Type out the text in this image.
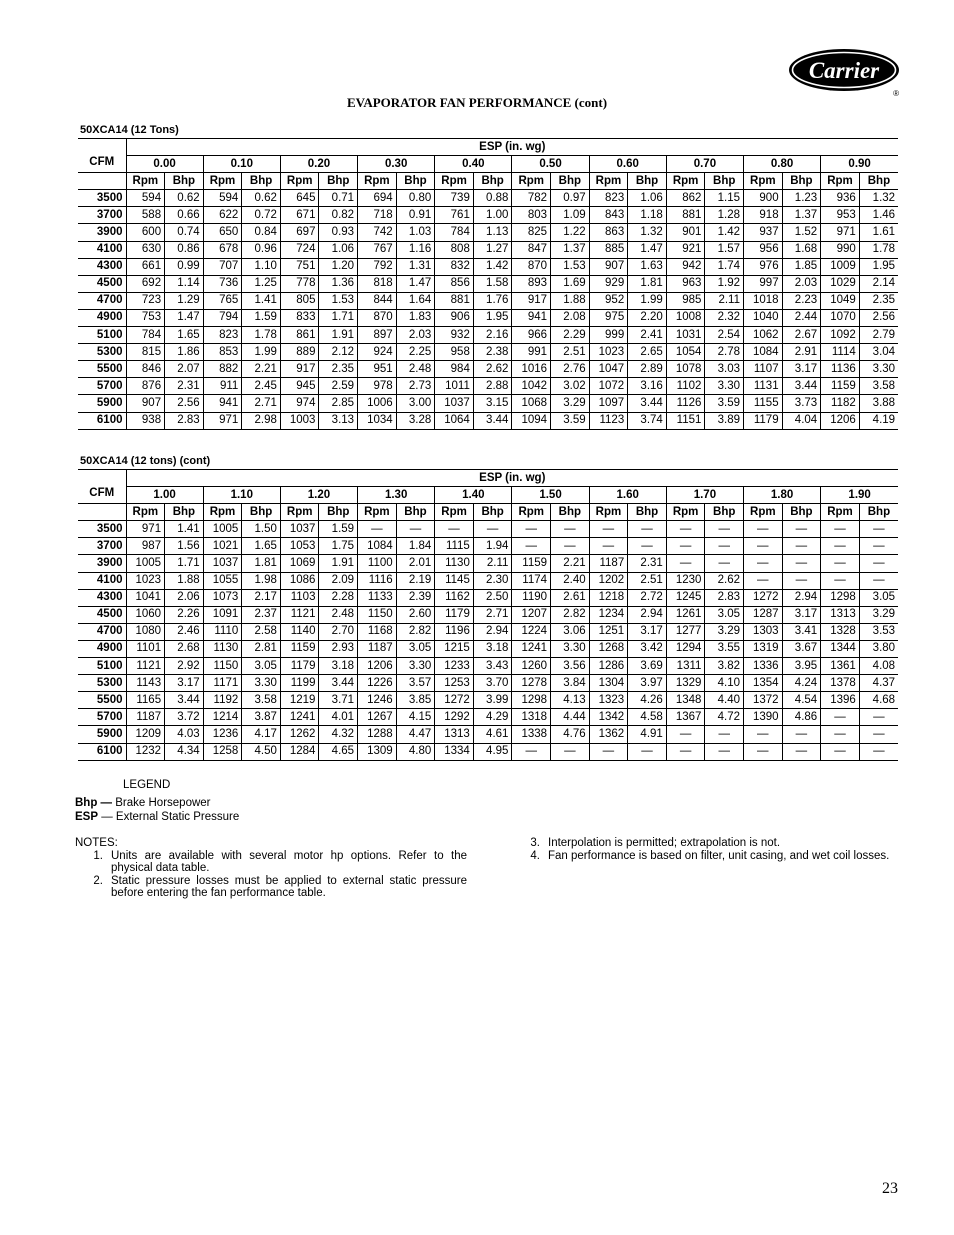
Carrier
®
EVAPORATOR FAN PERFORMANCE (cont)
50XCA14 (12 Tons)
CFM	ESP (in. wg)																			
	0.00		0.10		0.20		0.30		0.40		0.50		0.60		0.70		0.80		0.90	
	Rpm	Bhp	Rpm	Bhp	Rpm	Bhp	Rpm	Bhp	Rpm	Bhp	Rpm	Bhp	Rpm	Bhp	Rpm	Bhp	Rpm	Bhp	Rpm	Bhp
3500	594	0.62	594	0.62	645	0.71	694	0.80	739	0.88	782	0.97	823	1.06	862	1.15	900	1.23	936	1.32
3700	588	0.66	622	0.72	671	0.82	718	0.91	761	1.00	803	1.09	843	1.18	881	1.28	918	1.37	953	1.46
3900	600	0.74	650	0.84	697	0.93	742	1.03	784	1.13	825	1.22	863	1.32	901	1.42	937	1.52	971	1.61
4100	630	0.86	678	0.96	724	1.06	767	1.16	808	1.27	847	1.37	885	1.47	921	1.57	956	1.68	990	1.78
4300	661	0.99	707	1.10	751	1.20	792	1.31	832	1.42	870	1.53	907	1.63	942	1.74	976	1.85	1009	1.95
4500	692	1.14	736	1.25	778	1.36	818	1.47	856	1.58	893	1.69	929	1.81	963	1.92	997	2.03	1029	2.14
4700	723	1.29	765	1.41	805	1.53	844	1.64	881	1.76	917	1.88	952	1.99	985	2.11	1018	2.23	1049	2.35
4900	753	1.47	794	1.59	833	1.71	870	1.83	906	1.95	941	2.08	975	2.20	1008	2.32	1040	2.44	1070	2.56
5100	784	1.65	823	1.78	861	1.91	897	2.03	932	2.16	966	2.29	999	2.41	1031	2.54	1062	2.67	1092	2.79
5300	815	1.86	853	1.99	889	2.12	924	2.25	958	2.38	991	2.51	1023	2.65	1054	2.78	1084	2.91	1114	3.04
5500	846	2.07	882	2.21	917	2.35	951	2.48	984	2.62	1016	2.76	1047	2.89	1078	3.03	1107	3.17	1136	3.30
5700	876	2.31	911	2.45	945	2.59	978	2.73	1011	2.88	1042	3.02	1072	3.16	1102	3.30	1131	3.44	1159	3.58
5900	907	2.56	941	2.71	974	2.85	1006	3.00	1037	3.15	1068	3.29	1097	3.44	1126	3.59	1155	3.73	1182	3.88
6100	938	2.83	971	2.98	1003	3.13	1034	3.28	1064	3.44	1094	3.59	1123	3.74	1151	3.89	1179	4.04	1206	4.19
50XCA14 (12 tons) (cont)
CFM	ESP (in. wg)																			
	1.00		1.10		1.20		1.30		1.40		1.50		1.60		1.70		1.80		1.90	
	Rpm	Bhp	Rpm	Bhp	Rpm	Bhp	Rpm	Bhp	Rpm	Bhp	Rpm	Bhp	Rpm	Bhp	Rpm	Bhp	Rpm	Bhp	Rpm	Bhp
3500	971	1.41	1005	1.50	1037	1.59	—	—	—	—	—	—	—	—	—	—	—	—	—	—
3700	987	1.56	1021	1.65	1053	1.75	1084	1.84	1115	1.94	—	—	—	—	—	—	—	—	—	—
3900	1005	1.71	1037	1.81	1069	1.91	1100	2.01	1130	2.11	1159	2.21	1187	2.31	—	—	—	—	—	—
4100	1023	1.88	1055	1.98	1086	2.09	1116	2.19	1145	2.30	1174	2.40	1202	2.51	1230	2.62	—	—	—	—
4300	1041	2.06	1073	2.17	1103	2.28	1133	2.39	1162	2.50	1190	2.61	1218	2.72	1245	2.83	1272	2.94	1298	3.05
4500	1060	2.26	1091	2.37	1121	2.48	1150	2.60	1179	2.71	1207	2.82	1234	2.94	1261	3.05	1287	3.17	1313	3.29
4700	1080	2.46	1110	2.58	1140	2.70	1168	2.82	1196	2.94	1224	3.06	1251	3.17	1277	3.29	1303	3.41	1328	3.53
4900	1101	2.68	1130	2.81	1159	2.93	1187	3.05	1215	3.18	1241	3.30	1268	3.42	1294	3.55	1319	3.67	1344	3.80
5100	1121	2.92	1150	3.05	1179	3.18	1206	3.30	1233	3.43	1260	3.56	1286	3.69	1311	3.82	1336	3.95	1361	4.08
5300	1143	3.17	1171	3.30	1199	3.44	1226	3.57	1253	3.70	1278	3.84	1304	3.97	1329	4.10	1354	4.24	1378	4.37
5500	1165	3.44	1192	3.58	1219	3.71	1246	3.85	1272	3.99	1298	4.13	1323	4.26	1348	4.40	1372	4.54	1396	4.68
5700	1187	3.72	1214	3.87	1241	4.01	1267	4.15	1292	4.29	1318	4.44	1342	4.58	1367	4.72	1390	4.86	—	—
5900	1209	4.03	1236	4.17	1262	4.32	1288	4.47	1313	4.61	1338	4.76	1362	4.91	—	—	—	—	—	—
6100	1232	4.34	1258	4.50	1284	4.65	1309	4.80	1334	4.95	—	—	—	—	—	—	—	—	—	—
LEGEND
Bhp — Brake Horsepower
ESP — External Static Pressure
NOTES:
1. Units are available with several motor hp options. Refer to the physical data table.
2. Static pressure losses must be applied to external static pressure before entering the fan performance table.
3. Interpolation is permitted; extrapolation is not.
4. Fan performance is based on filter, unit casing, and wet coil losses.
23
